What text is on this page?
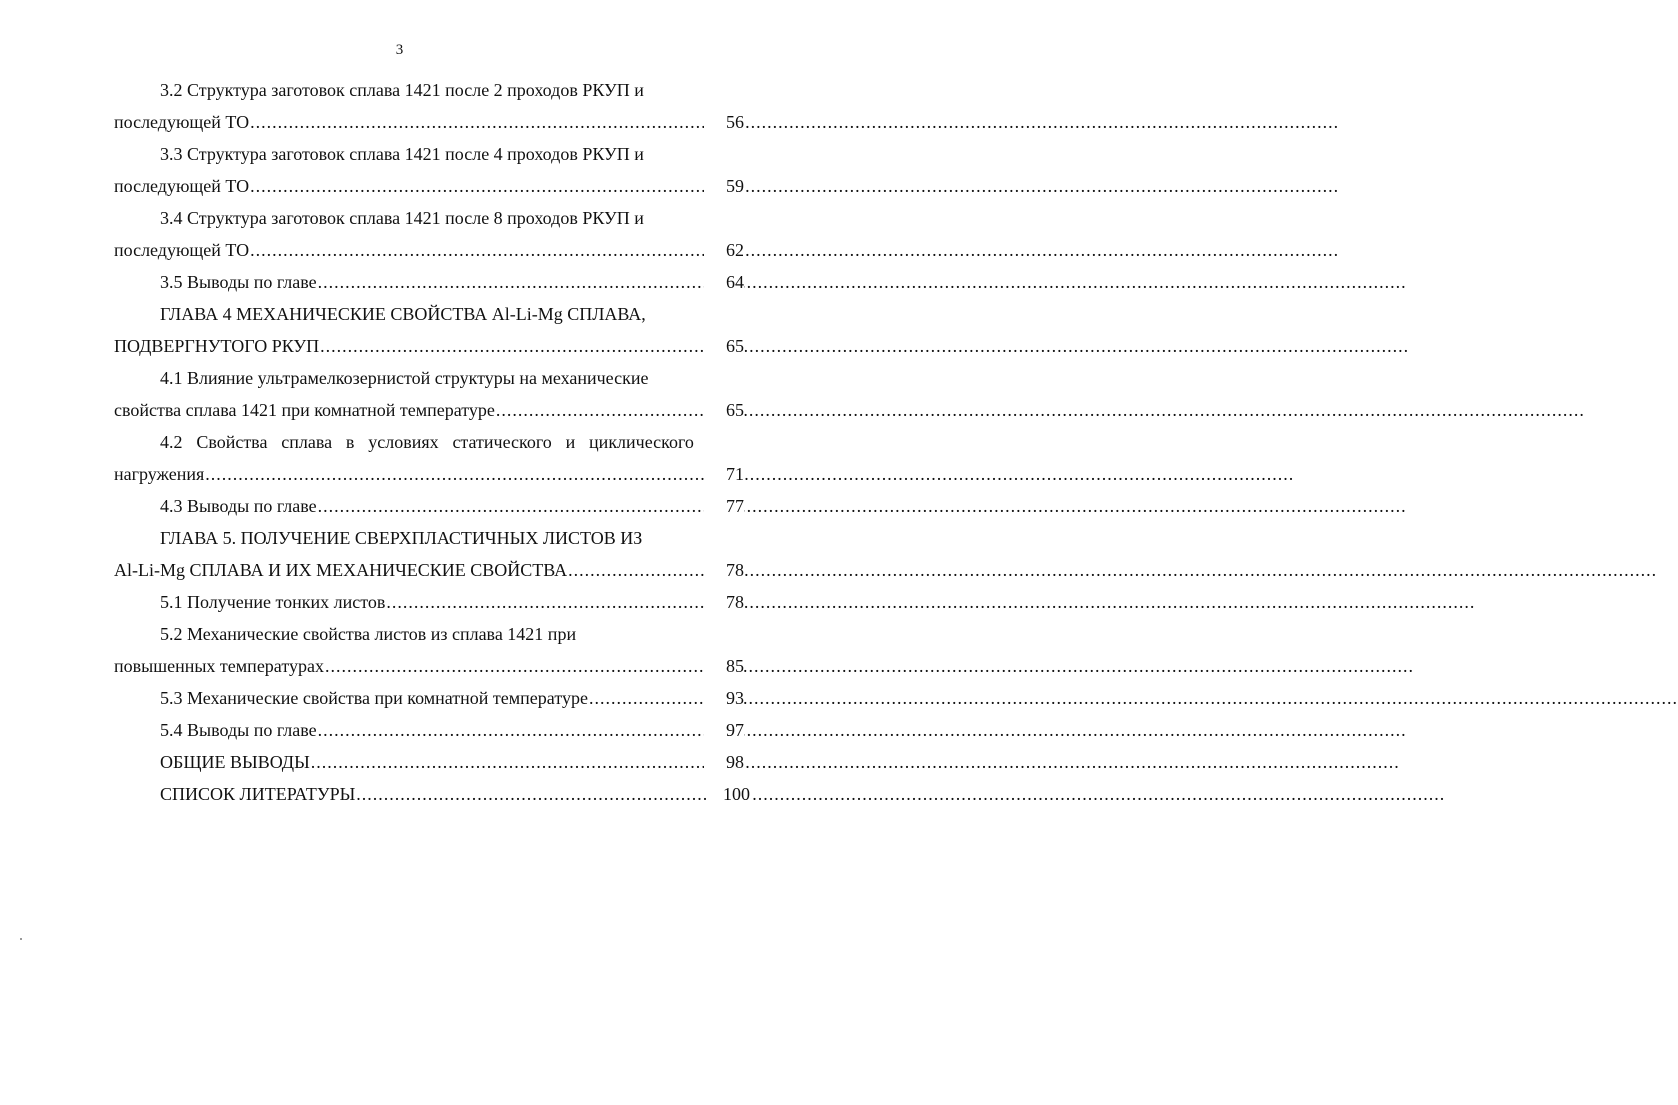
3
3.2 Структура заготовок сплава 1421 после 2 проходов РКУП и
последующей ТО .....	56
3.3 Структура заготовок сплава 1421 после 4 проходов РКУП и
последующей ТО .....	59
3.4 Структура заготовок сплава 1421 после 8 проходов РКУП и
последующей ТО .....	62
3.5 Выводы по главе .....	64
ГЛАВА 4 МЕХАНИЧЕСКИЕ СВОЙСТВА Al-Li-Mg СПЛАВА,
ПОДВЕРГНУТОГО РКУП .....	65
4.1 Влияние ультрамелкозернистой структуры на механические
свойства сплава 1421 при комнатной температуре .....	65
4.2 Свойства сплава в условиях статического и циклического
нагружения .....	71
4.3 Выводы по главе .....	77
ГЛАВА 5. ПОЛУЧЕНИЕ СВЕРХПЛАСТИЧНЫХ ЛИСТОВ ИЗ
Al-Li-Mg СПЛАВА И ИХ МЕХАНИЧЕСКИЕ СВОЙСТВА .....	78
5.1 Получение тонких листов .....	78
5.2 Механические свойства листов из сплава 1421 при
повышенных температурах .....	85
5.3 Механические свойства при комнатной температуре .....	93
5.4 Выводы по главе .....	97
ОБЩИЕ ВЫВОДЫ .....	98
СПИСОК ЛИТЕРАТУРЫ .....	100
